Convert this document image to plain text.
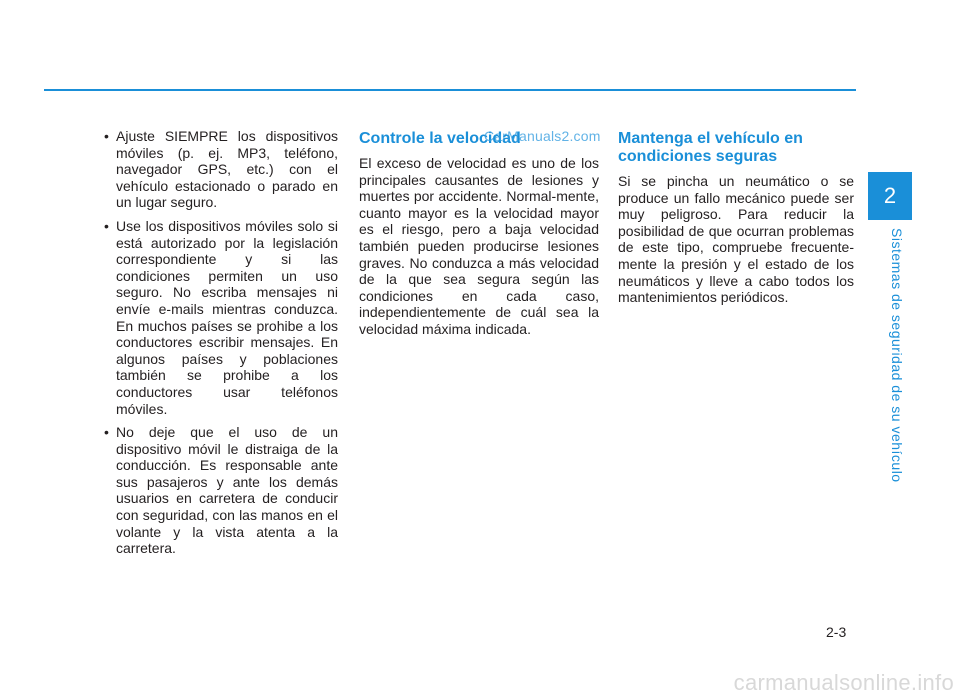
• Ajuste SIEMPRE los dispositivos móviles (p. ej. MP3, teléfono, navegador GPS, etc.) con el vehículo estacionado o parado en un lugar seguro.
• Use los dispositivos móviles solo si está autorizado por la legislación correspondiente y si las condiciones permiten un uso seguro. No escriba mensajes ni envíe e-mails mientras conduzca. En muchos países se prohibe a los conductores escribir mensajes. En algunos países y poblaciones también se prohibe a los conductores usar teléfonos móviles.
• No deje que el uso de un dispositivo móvil le distraiga de la conducción. Es responsable ante sus pasajeros y ante los demás usuarios en carretera de conducir con seguridad, con las manos en el volante y la vista atenta a la carretera.
Controle la velocidad

El exceso de velocidad es uno de los principales causantes de lesiones y muertes por accidente. Normal-mente, cuanto mayor es la velocidad mayor es el riesgo, pero a baja velocidad también pueden producirse lesiones graves. No conduzca a más velocidad de la que sea segura según las condiciones en cada caso, independientemente de cuál sea la velocidad máxima indicada.

CarManuals2.com Mantenga el vehículo en condiciones seguras

Si se pincha un neumático o se produce un fallo mecánico puede ser muy peligroso. Para reducir la posibilidad de que ocurran problemas de este tipo, compruebe frecuente-mente la presión y el estado de los neumáticos y lleve a cabo todos los mantenimientos periódicos.

2
Sistemas de seguridad de su vehículo
2-3
carmanualsonline.info
